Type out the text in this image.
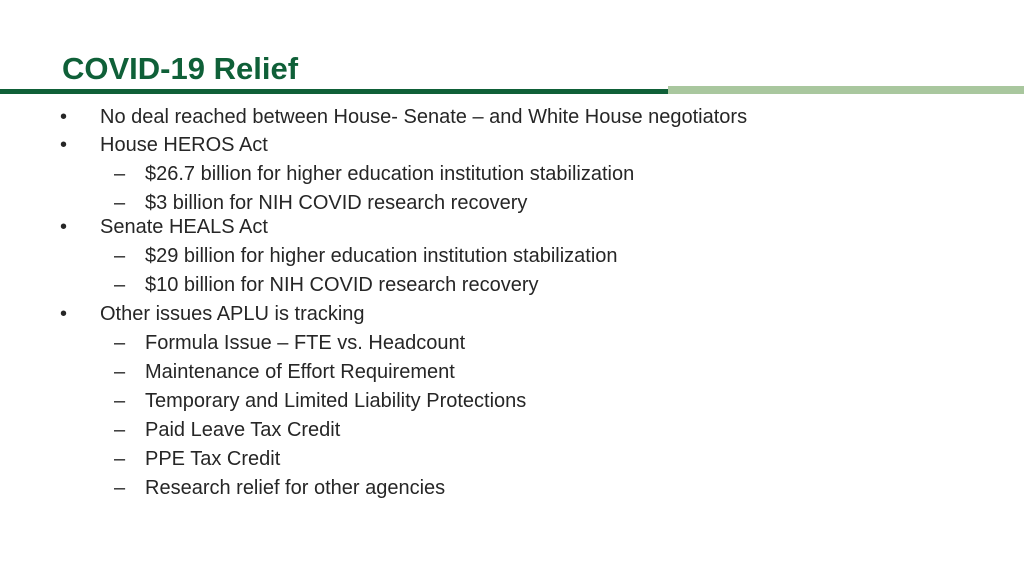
COVID-19 Relief
• No deal reached between House- Senate – and White House negotiators
• House HEROS Act
– $26.7 billion for higher education institution stabilization
– $3 billion for NIH COVID research recovery
• Senate HEALS Act
– $29 billion for higher education institution stabilization
– $10 billion for NIH COVID research recovery
• Other issues APLU is tracking
– Formula Issue – FTE vs. Headcount
– Maintenance of Effort Requirement
– Temporary and Limited Liability Protections
– Paid Leave Tax Credit
– PPE Tax Credit
– Research relief for other agencies
